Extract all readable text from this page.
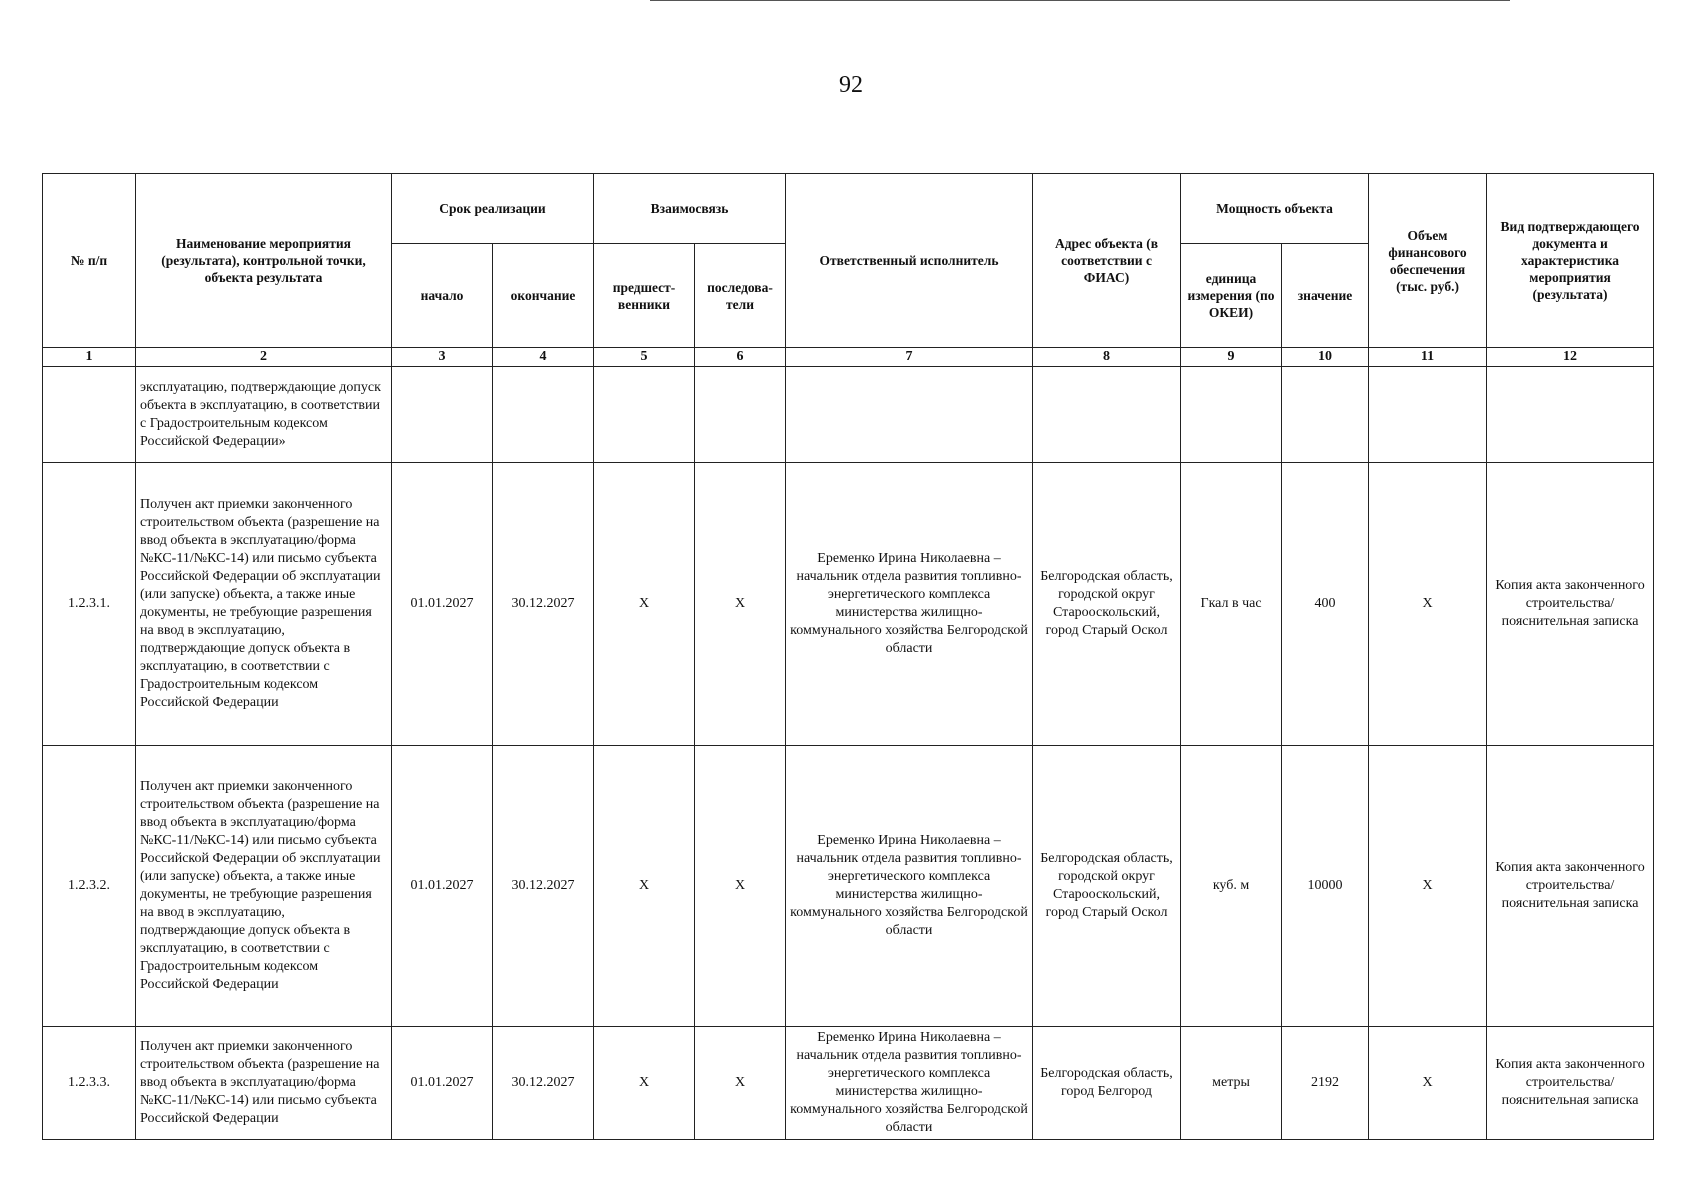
92
№ п/п	Наименование мероприятия (результата), контрольной точки, объекта результата	Срок реализации		Взаимосвязь		Ответственный исполнитель	Адрес объекта (в соответствии с ФИАС)	Мощность объекта		Объем финансового обеспечения (тыс. руб.)	Вид подтверждающего документа и характеристика мероприятия (результата)
		начало	окончание	предшест-венники	последова-тели			единица измерения (по ОКЕИ)	значение		
1	2	3	4	5	6	7	8	9	10	11	12
	эксплуатацию, подтверждающие допуск объекта в эксплуатацию, в соответствии с Градостроительным кодексом Российской Федерации»										
1.2.3.1.	Получен акт приемки законченного строительством объекта (разрешение на ввод объекта в эксплуатацию/форма №КС-11/№КС-14) или письмо субъекта Российской Федерации об эксплуатации (или запуске) объекта, а также иные документы, не требующие разрешения на ввод в эксплуатацию, подтверждающие допуск объекта в эксплуатацию, в соответствии с Градостроительным кодексом Российской Федерации	01.01.2027	30.12.2027	X	X	Еременко Ирина Николаевна – начальник отдела развития топливно-энергетического комплекса министерства жилищно-коммунального хозяйства Белгородской области	Белгородская область, городской округ Старооскольский, город Старый Оскол	Гкал в час	400	X	Копия акта законченного строительства/ пояснительная записка
1.2.3.2.	Получен акт приемки законченного строительством объекта (разрешение на ввод объекта в эксплуатацию/форма №КС-11/№КС-14) или письмо субъекта Российской Федерации об эксплуатации (или запуске) объекта, а также иные документы, не требующие разрешения на ввод в эксплуатацию, подтверждающие допуск объекта в эксплуатацию, в соответствии с Градостроительным кодексом Российской Федерации	01.01.2027	30.12.2027	X	X	Еременко Ирина Николаевна – начальник отдела развития топливно-энергетического комплекса министерства жилищно-коммунального хозяйства Белгородской области	Белгородская область, городской округ Старооскольский, город Старый Оскол	куб. м	10000	X	Копия акта законченного строительства/ пояснительная записка
1.2.3.3.	Получен акт приемки законченного строительством объекта (разрешение на ввод объекта в эксплуатацию/форма №КС-11/№КС-14) или письмо субъекта Российской Федерации	01.01.2027	30.12.2027	X	X	Еременко Ирина Николаевна – начальник отдела развития топливно-энергетического комплекса министерства жилищно-коммунального хозяйства Белгородской области	Белгородская область, город Белгород	метры	2192	X	Копия акта законченного строительства/ пояснительная записка
